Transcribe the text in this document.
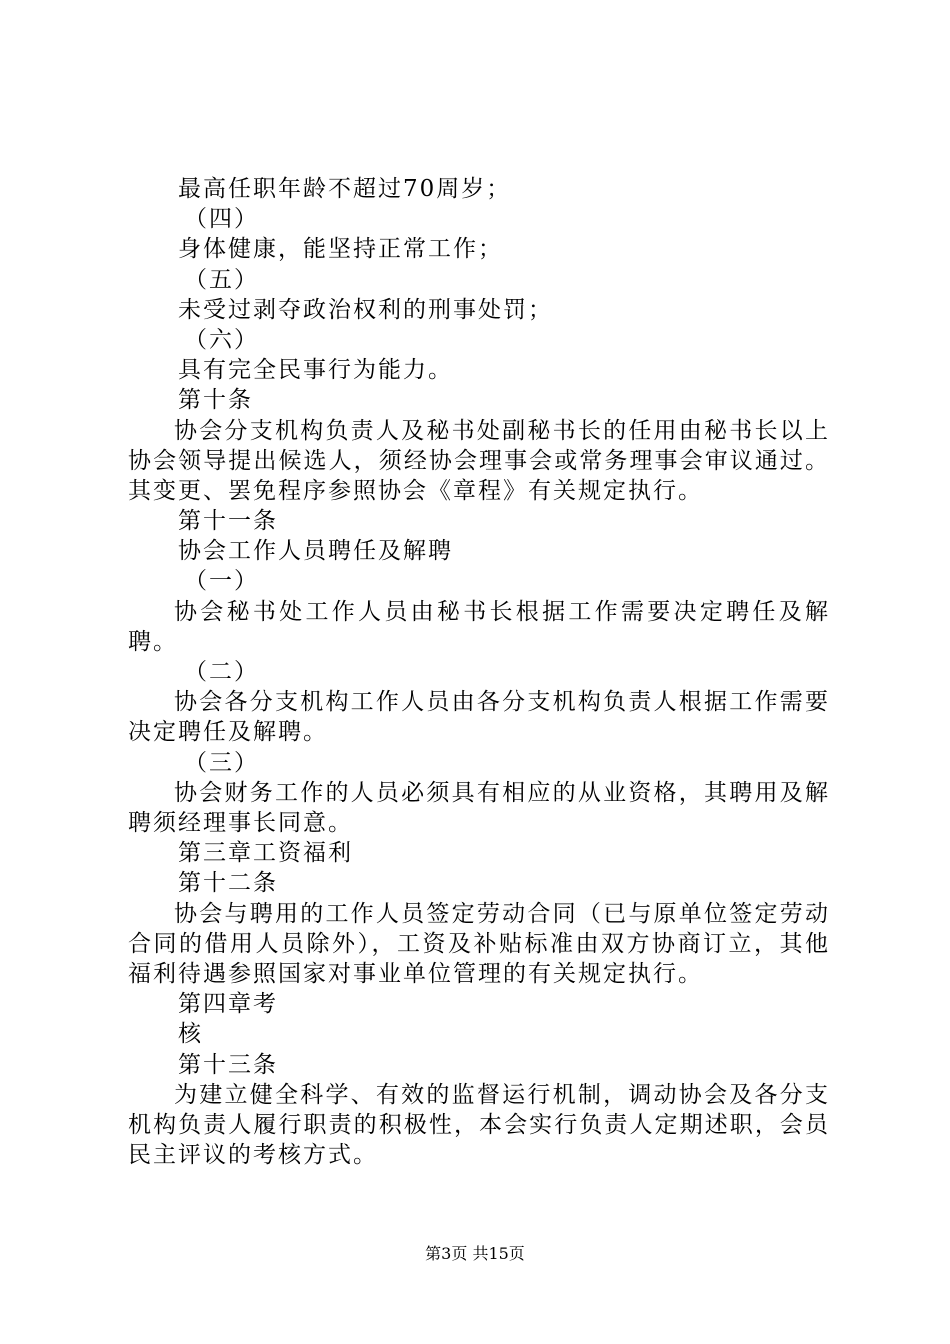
最高任职年龄不超过70周岁；
（四）
身体健康，能坚持正常工作；
（五）
未受过剥夺政治权利的刑事处罚；
（六）
具有完全民事行为能力。
第十条
协会分支机构负责人及秘书处副秘书长的任用由秘书长以上协会领导提出候选人，须经协会理事会或常务理事会审议通过。其变更、罢免程序参照协会《章程》有关规定执行。
第十一条
协会工作人员聘任及解聘
（一）
协会秘书处工作人员由秘书长根据工作需要决定聘任及解聘。
（二）
协会各分支机构工作人员由各分支机构负责人根据工作需要决定聘任及解聘。
（三）
协会财务工作的人员必须具有相应的从业资格，其聘用及解聘须经理事长同意。
第三章工资福利
第十二条
协会与聘用的工作人员签定劳动合同（已与原单位签定劳动合同的借用人员除外），工资及补贴标准由双方协商订立，其他福利待遇参照国家对事业单位管理的有关规定执行。
第四章考
核
第十三条
为建立健全科学、有效的监督运行机制，调动协会及各分支机构负责人履行职责的积极性，本会实行负责人定期述职，会员民主评议的考核方式。
第3页 共15页
